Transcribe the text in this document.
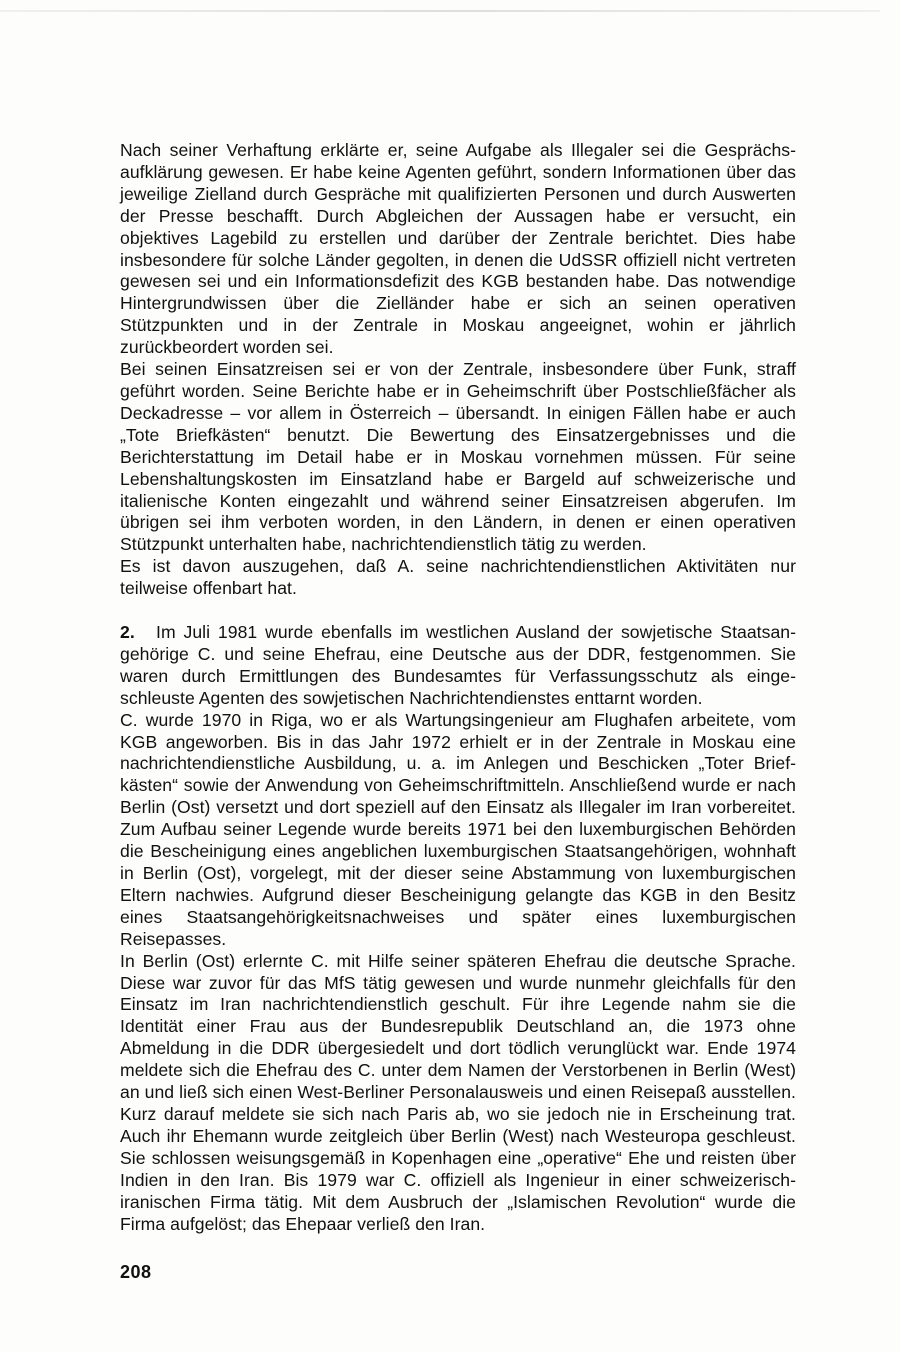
Nach seiner Verhaftung erklärte er, seine Aufgabe als Illegaler sei die Gesprächsaufklärung gewesen. Er habe keine Agenten geführt, sondern Informationen über das jeweilige Zielland durch Gespräche mit qualifizierten Personen und durch Auswerten der Presse beschafft. Durch Abgleichen der Aussagen habe er versucht, ein objektives Lagebild zu erstellen und darüber der Zentrale berichtet. Dies habe insbesondere für solche Länder gegolten, in denen die UdSSR offiziell nicht vertreten gewesen sei und ein Informationsdefizit des KGB bestanden habe. Das notwendige Hintergrundwissen über die Zielländer habe er sich an seinen operativen Stützpunkten und in der Zentrale in Moskau angeeignet, wohin er jährlich zurückbeordert worden sei.

Bei seinen Einsatzreisen sei er von der Zentrale, insbesondere über Funk, straff geführt worden. Seine Berichte habe er in Geheimschrift über Postschließfächer als Deckadresse – vor allem in Österreich – übersandt. In einigen Fällen habe er auch „Tote Briefkästen“ benutzt. Die Bewertung des Einsatzergebnisses und die Berichterstattung im Detail habe er in Moskau vornehmen müssen. Für seine Lebenshaltungskosten im Einsatzland habe er Bargeld auf schweizerische und italienische Konten eingezahlt und während seiner Einsatzreisen abgerufen. Im übrigen sei ihm verboten worden, in den Ländern, in denen er einen operativen Stützpunkt unterhalten habe, nachrichtendienstlich tätig zu werden.

Es ist davon auszugehen, daß A. seine nachrichtendienstlichen Aktivitäten nur teilweise offenbart hat.

2. Im Juli 1981 wurde ebenfalls im westlichen Ausland der sowjetische Staatsangehörige C. und seine Ehefrau, eine Deutsche aus der DDR, festgenommen. Sie waren durch Ermittlungen des Bundesamtes für Verfassungsschutz als eingeschleuste Agenten des sowjetischen Nachrichtendienstes enttarnt worden.

C. wurde 1970 in Riga, wo er als Wartungsingenieur am Flughafen arbeitete, vom KGB angeworben. Bis in das Jahr 1972 erhielt er in der Zentrale in Moskau eine nachrichtendienstliche Ausbildung, u. a. im Anlegen und Beschicken „Toter Briefkästen“ sowie der Anwendung von Geheimschriftmitteln. Anschließend wurde er nach Berlin (Ost) versetzt und dort speziell auf den Einsatz als Illegaler im Iran vorbereitet. Zum Aufbau seiner Legende wurde bereits 1971 bei den luxemburgischen Behörden die Bescheinigung eines angeblichen luxemburgischen Staatsangehörigen, wohnhaft in Berlin (Ost), vorgelegt, mit der dieser seine Abstammung von luxemburgischen Eltern nachwies. Aufgrund dieser Bescheinigung gelangte das KGB in den Besitz eines Staatsangehörigkeitsnachweises und später eines luxemburgischen Reisepasses.

In Berlin (Ost) erlernte C. mit Hilfe seiner späteren Ehefrau die deutsche Sprache. Diese war zuvor für das MfS tätig gewesen und wurde nunmehr gleichfalls für den Einsatz im Iran nachrichtendienstlich geschult. Für ihre Legende nahm sie die Identität einer Frau aus der Bundesrepublik Deutschland an, die 1973 ohne Abmeldung in die DDR übergesiedelt und dort tödlich verunglückt war. Ende 1974 meldete sich die Ehefrau des C. unter dem Namen der Verstorbenen in Berlin (West) an und ließ sich einen West-Berliner Personalausweis und einen Reisepaß ausstellen. Kurz darauf meldete sie sich nach Paris ab, wo sie jedoch nie in Erscheinung trat. Auch ihr Ehemann wurde zeitgleich über Berlin (West) nach Westeuropa geschleust. Sie schlossen weisungsgemäß in Kopenhagen eine „operative“ Ehe und reisten über Indien in den Iran. Bis 1979 war C. offiziell als Ingenieur in einer schweizerisch-iranischen Firma tätig. Mit dem Ausbruch der „Islamischen Revolution“ wurde die Firma aufgelöst; das Ehepaar verließ den Iran.

208
